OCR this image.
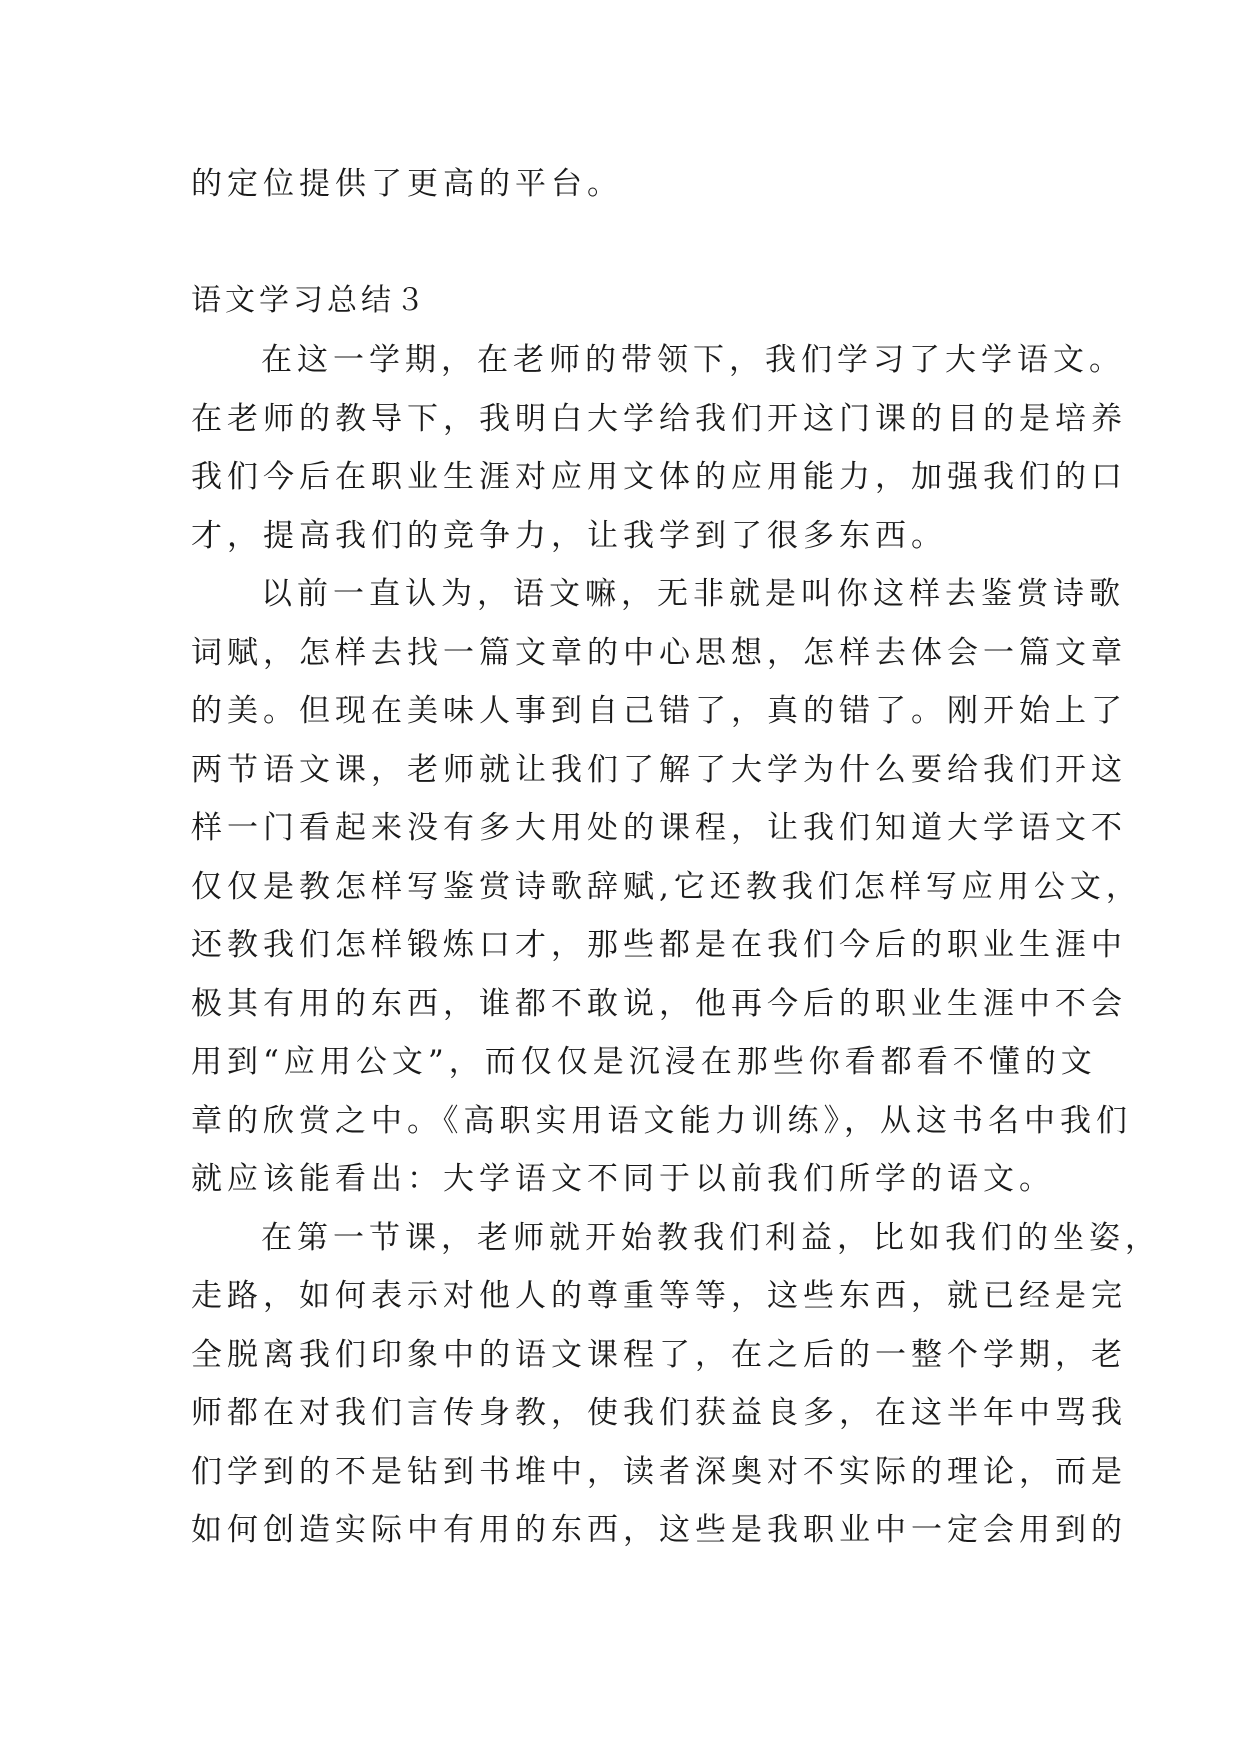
的定位提供了更高的平台。
语文学习总结３
在这一学期，在老师的带领下，我们学习了大学语文。
在老师的教导下，我明白大学给我们开这门课的目的是培养
我们今后在职业生涯对应用文体的应用能力，加强我们的口
才，提高我们的竞争力，让我学到了很多东西。
以前一直认为，语文嘛，无非就是叫你这样去鉴赏诗歌
词赋，怎样去找一篇文章的中心思想，怎样去体会一篇文章
的美。但现在美味人事到自己错了，真的错了。刚开始上了
两节语文课，老师就让我们了解了大学为什么要给我们开这
样一门看起来没有多大用处的课程，让我们知道大学语文不
仅仅是教怎样写鉴赏诗歌辞赋,它还教我们怎样写应用公文，
还教我们怎样锻炼口才，那些都是在我们今后的职业生涯中
极其有用的东西，谁都不敢说，他再今后的职业生涯中不会
用到“应用公文”，而仅仅是沉浸在那些你看都看不懂的文
章的欣赏之中。《高职实用语文能力训练》，从这书名中我们
就应该能看出：大学语文不同于以前我们所学的语文。
在第一节课，老师就开始教我们利益，比如我们的坐姿，
走路，如何表示对他人的尊重等等，这些东西，就已经是完
全脱离我们印象中的语文课程了，在之后的一整个学期，老
师都在对我们言传身教，使我们获益良多，在这半年中骂我
们学到的不是钻到书堆中，读者深奥对不实际的理论，而是
如何创造实际中有用的东西，这些是我职业中一定会用到的
